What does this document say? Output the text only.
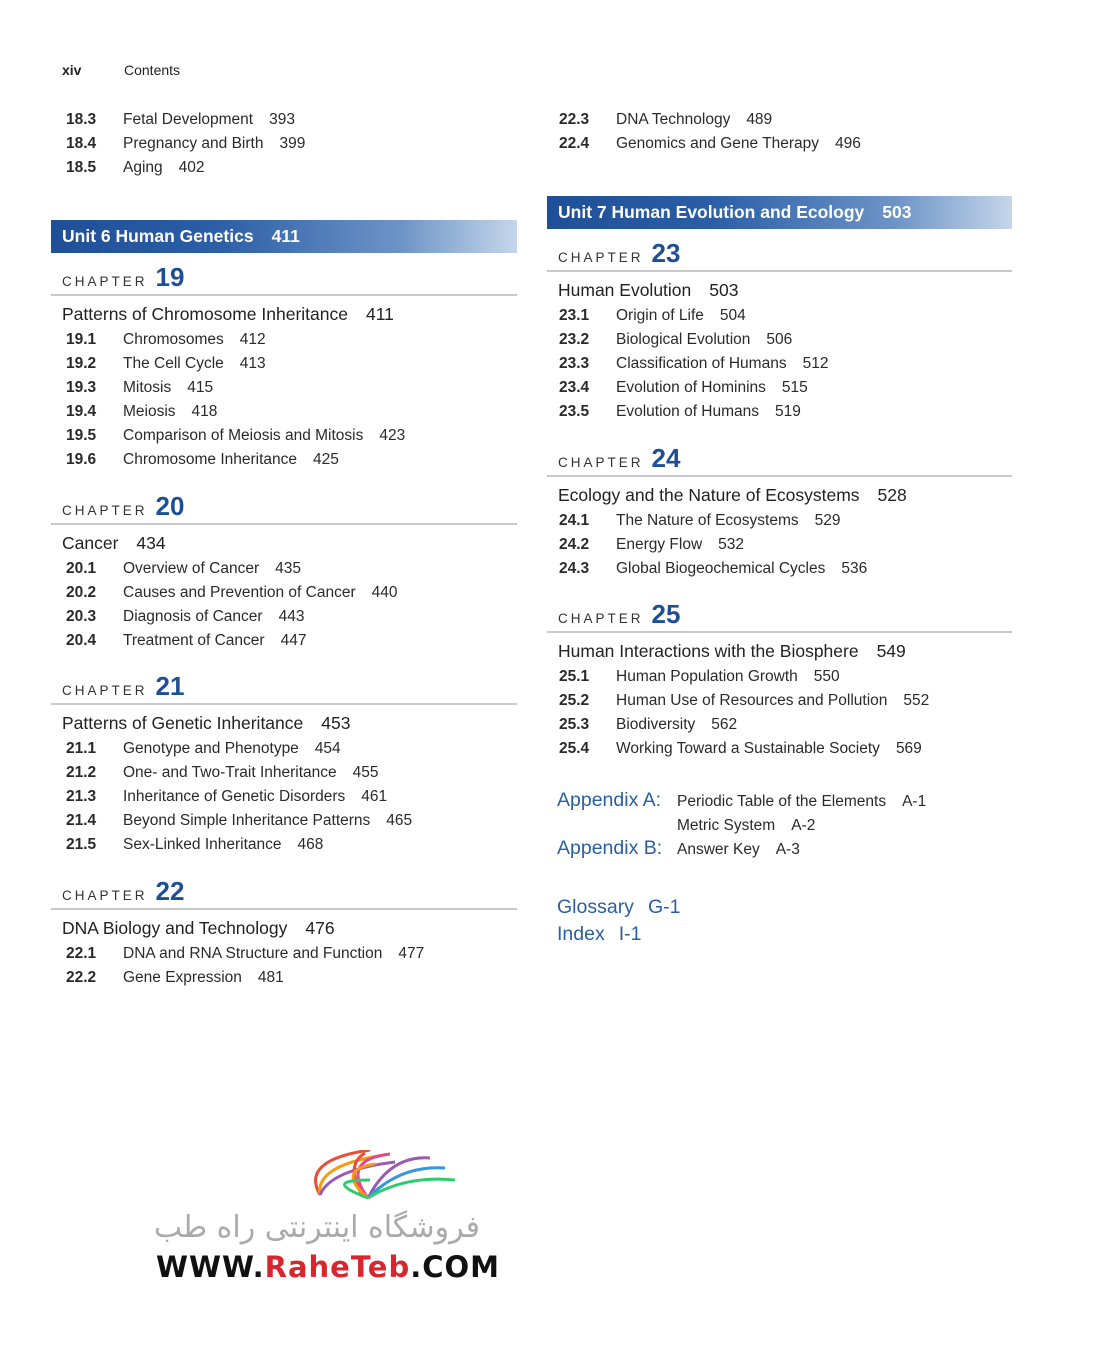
xiv	Contents
18.3	Fetal Development 393
18.4	Pregnancy and Birth 399
18.5	Aging 402
Unit 6 Human Genetics 411
CHAPTER 19
Patterns of Chromosome Inheritance 411
19.1	Chromosomes 412
19.2	The Cell Cycle 413
19.3	Mitosis 415
19.4	Meiosis 418
19.5	Comparison of Meiosis and Mitosis 423
19.6	Chromosome Inheritance 425
CHAPTER 20
Cancer 434
20.1	Overview of Cancer 435
20.2	Causes and Prevention of Cancer 440
20.3	Diagnosis of Cancer 443
20.4	Treatment of Cancer 447
CHAPTER 21
Patterns of Genetic Inheritance 453
21.1	Genotype and Phenotype 454
21.2	One- and Two-Trait Inheritance 455
21.3	Inheritance of Genetic Disorders 461
21.4	Beyond Simple Inheritance Patterns 465
21.5	Sex-Linked Inheritance 468
CHAPTER 22
DNA Biology and Technology 476
22.1	DNA and RNA Structure and Function 477
22.2	Gene Expression 481
22.3	DNA Technology 489
22.4	Genomics and Gene Therapy 496
Unit 7 Human Evolution and Ecology 503
CHAPTER 23
Human Evolution 503
23.1	Origin of Life 504
23.2	Biological Evolution 506
23.3	Classification of Humans 512
23.4	Evolution of Hominins 515
23.5	Evolution of Humans 519
CHAPTER 24
Ecology and the Nature of Ecosystems 528
24.1	The Nature of Ecosystems 529
24.2	Energy Flow 532
24.3	Global Biogeochemical Cycles 536
CHAPTER 25
Human Interactions with the Biosphere 549
25.1	Human Population Growth 550
25.2	Human Use of Resources and Pollution 552
25.3	Biodiversity 562
25.4	Working Toward a Sustainable Society 569
Appendix A: Periodic Table of the Elements A-1
Metric System A-2
Appendix B: Answer Key A-3
Glossary G-1
Index I-1
فروشگاه اینترنتی راه طب
WWW.RaheTeb.COM
